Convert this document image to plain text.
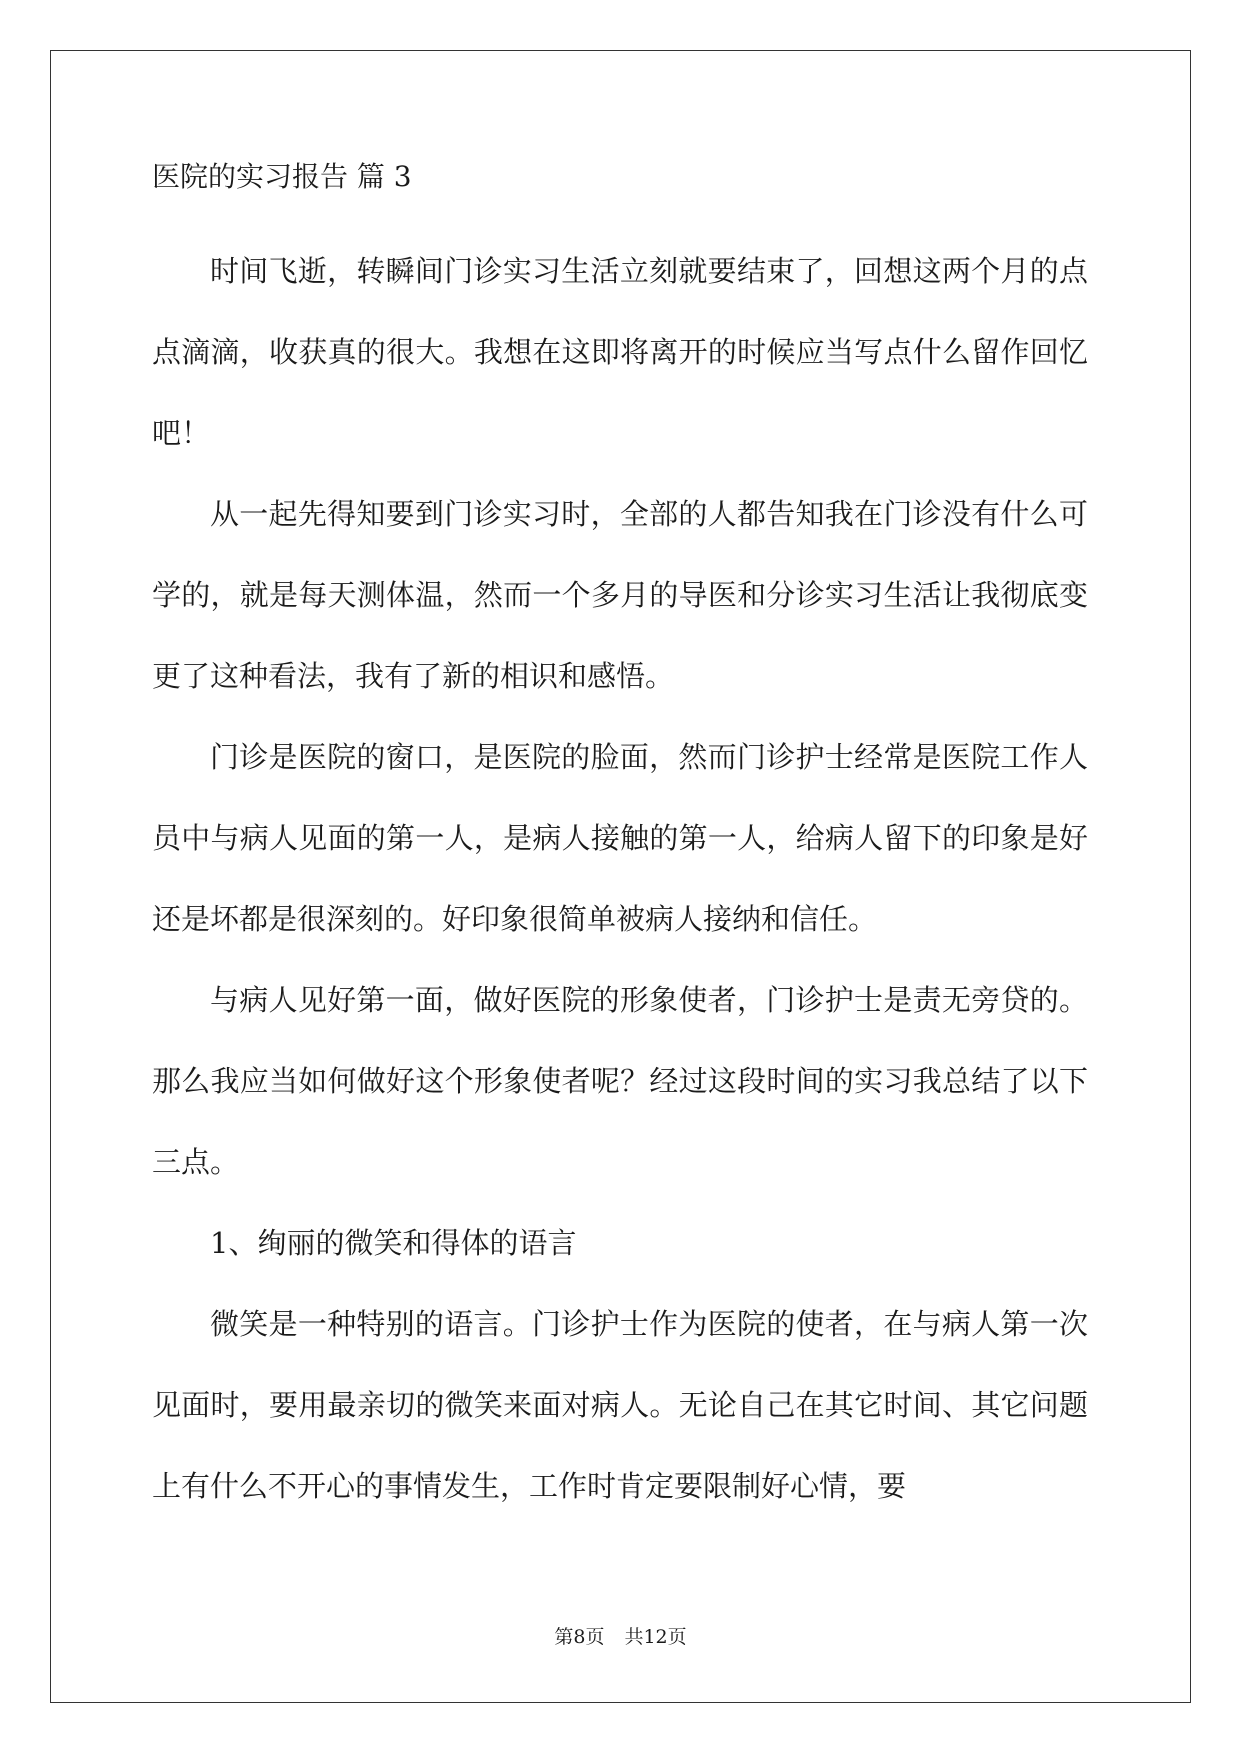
医院的实习报告 篇 3

时间飞逝，转瞬间门诊实习生活立刻就要结束了，回想这两个月的点点滴滴，收获真的很大。我想在这即将离开的时候应当写点什么留作回忆吧！

从一起先得知要到门诊实习时，全部的人都告知我在门诊没有什么可学的，就是每天测体温，然而一个多月的导医和分诊实习生活让我彻底变更了这种看法，我有了新的相识和感悟。

门诊是医院的窗口，是医院的脸面，然而门诊护士经常是医院工作人员中与病人见面的第一人，是病人接触的第一人，给病人留下的印象是好还是坏都是很深刻的。好印象很简单被病人接纳和信任。

与病人见好第一面，做好医院的形象使者，门诊护士是责无旁贷的。那么我应当如何做好这个形象使者呢？经过这段时间的实习我总结了以下三点。

1、绚丽的微笑和得体的语言

微笑是一种特别的语言。门诊护士作为医院的使者，在与病人第一次见面时，要用最亲切的微笑来面对病人。无论自己在其它时间、其它问题上有什么不开心的事情发生，工作时肯定要限制好心情，要

第8页 共12页
